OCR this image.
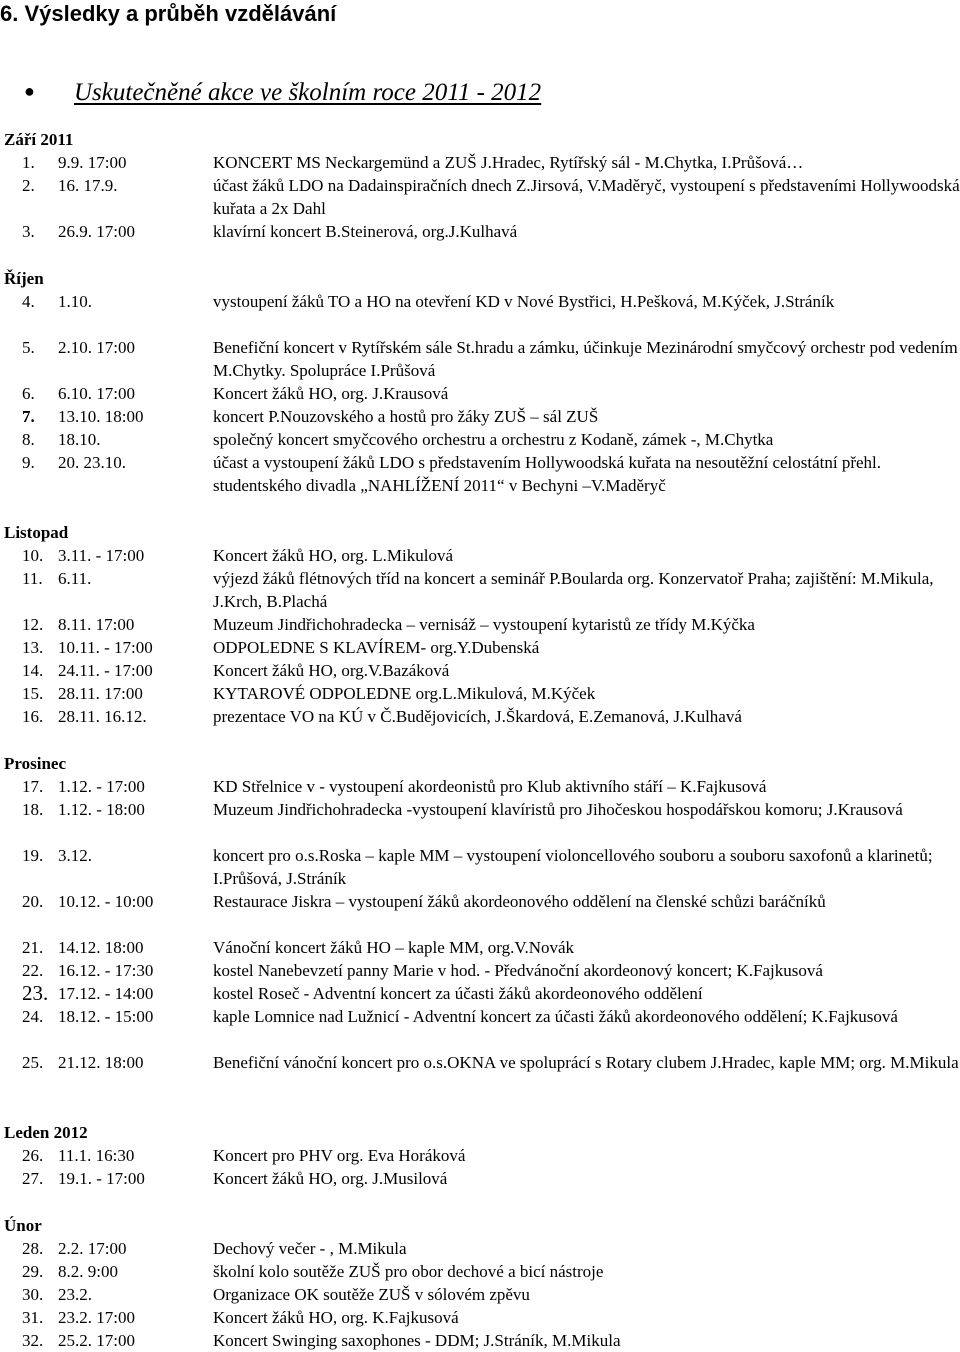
6. Výsledky a průběh vzdělávání
● Uskutečněné akce ve školním roce 2011 - 2012
Září 2011
1. 9.9. 17:00	KONCERT MS Neckargemünd a ZUŠ J.Hradec, Rytířský sál - M.Chytka, I.Průšová…
2. 16. 17.9.	účast žáků LDO na Dadainspiračních dnech Z.Jirsová, V.Maděryč, vystoupení s představeními Hollywoodská kuřata a 2x Dahl
3. 26.9. 17:00	klavírní koncert B.Steinerová, org.J.Kulhavá
Říjen
4. 1.10.	vystoupení žáků TO a HO na otevření KD v Nové Bystřici, H.Pešková, M.Kýček, J.Stráník
5. 2.10. 17:00	Benefiční koncert v Rytířském sále St.hradu a zámku, účinkuje Mezinárodní smyčcový orchestr pod vedením M.Chytky. Spolupráce I.Průšová
6. 6.10. 17:00	Koncert žáků HO, org. J.Krausová
7. 13.10. 18:00	koncert P.Nouzovského a hostů pro žáky ZUŠ – sál ZUŠ
8. 18.10.	společný koncert smyčcového orchestru a orchestru z Kodaně, zámek -, M.Chytka
9. 20. 23.10.	účast a vystoupení žáků LDO s představením Hollywoodská kuřata na nesoutěžní celostátní přehl. studentského divadla „NAHLÍŽENÍ 2011“ v Bechyni –V.Maděryč
Listopad
10. 3.11. - 17:00	Koncert žáků HO, org. L.Mikulová
11. 6.11.	výjezd žáků flétnových tříd na koncert a seminář P.Boularda org. Konzervatoř Praha; zajištění: M.Mikula, J.Krch, B.Plachá
12. 8.11. 17:00	Muzeum Jindřichohradecka – vernisáž – vystoupení kytaristů ze třídy M.Kýčka
13. 10.11. - 17:00	ODPOLEDNE S KLAVÍREM- org.Y.Dubenská
14. 24.11. - 17:00	Koncert žáků HO, org.V.Bazáková
15. 28.11. 17:00	KYTAROVÉ ODPOLEDNE org.L.Mikulová, M.Kýček
16. 28.11. 16.12.	prezentace VO na KÚ v Č.Budějovicích, J.Škardová, E.Zemanová, J.Kulhavá
Prosinec
17. 1.12. - 17:00	KD Střelnice v - vystoupení akordeonistů pro Klub aktivního stáří – K.Fajkusová
18. 1.12. - 18:00	Muzeum Jindřichohradecka -vystoupení klavíristů pro Jihočeskou hospodářskou komoru; J.Krausová
19. 3.12.	koncert pro o.s.Roska – kaple MM – vystoupení violoncellového souboru a souboru saxofonů a klarinetů; I.Průšová, J.Stráník
20. 10.12. - 10:00	Restaurace Jiskra – vystoupení žáků akordeonového oddělení na členské schůzi baráčníků
21. 14.12. 18:00	Vánoční koncert žáků HO – kaple MM, org.V.Novák
22. 16.12. - 17:30	kostel Nanebevzetí panny Marie v hod. - Předvánoční akordeonový koncert; K.Fajkusová
23. 17.12. - 14:00	kostel Roseč - Adventní koncert za účasti žáků akordeonového oddělení
24. 18.12. - 15:00	kaple Lomnice nad Lužnicí - Adventní koncert za účasti žáků akordeonového oddělení; K.Fajkusová
25. 21.12. 18:00	Benefiční vánoční koncert pro o.s.OKNA ve spoluprácí s Rotary clubem J.Hradec, kaple MM; org. M.Mikula
Leden 2012
26. 11.1. 16:30	Koncert pro PHV org. Eva Horáková
27. 19.1. - 17:00	Koncert žáků HO, org. J.Musilová
Únor
28. 2.2. 17:00	Dechový večer - , M.Mikula
29. 8.2. 9:00	školní kolo soutěže ZUŠ pro obor dechové a bicí nástroje
30. 23.2.	Organizace OK soutěže ZUŠ v sólovém zpěvu
31. 23.2. 17:00	Koncert žáků HO, org. K.Fajkusová
32. 25.2. 17:00	Koncert Swinging saxophones - DDM; J.Stráník, M.Mikula
